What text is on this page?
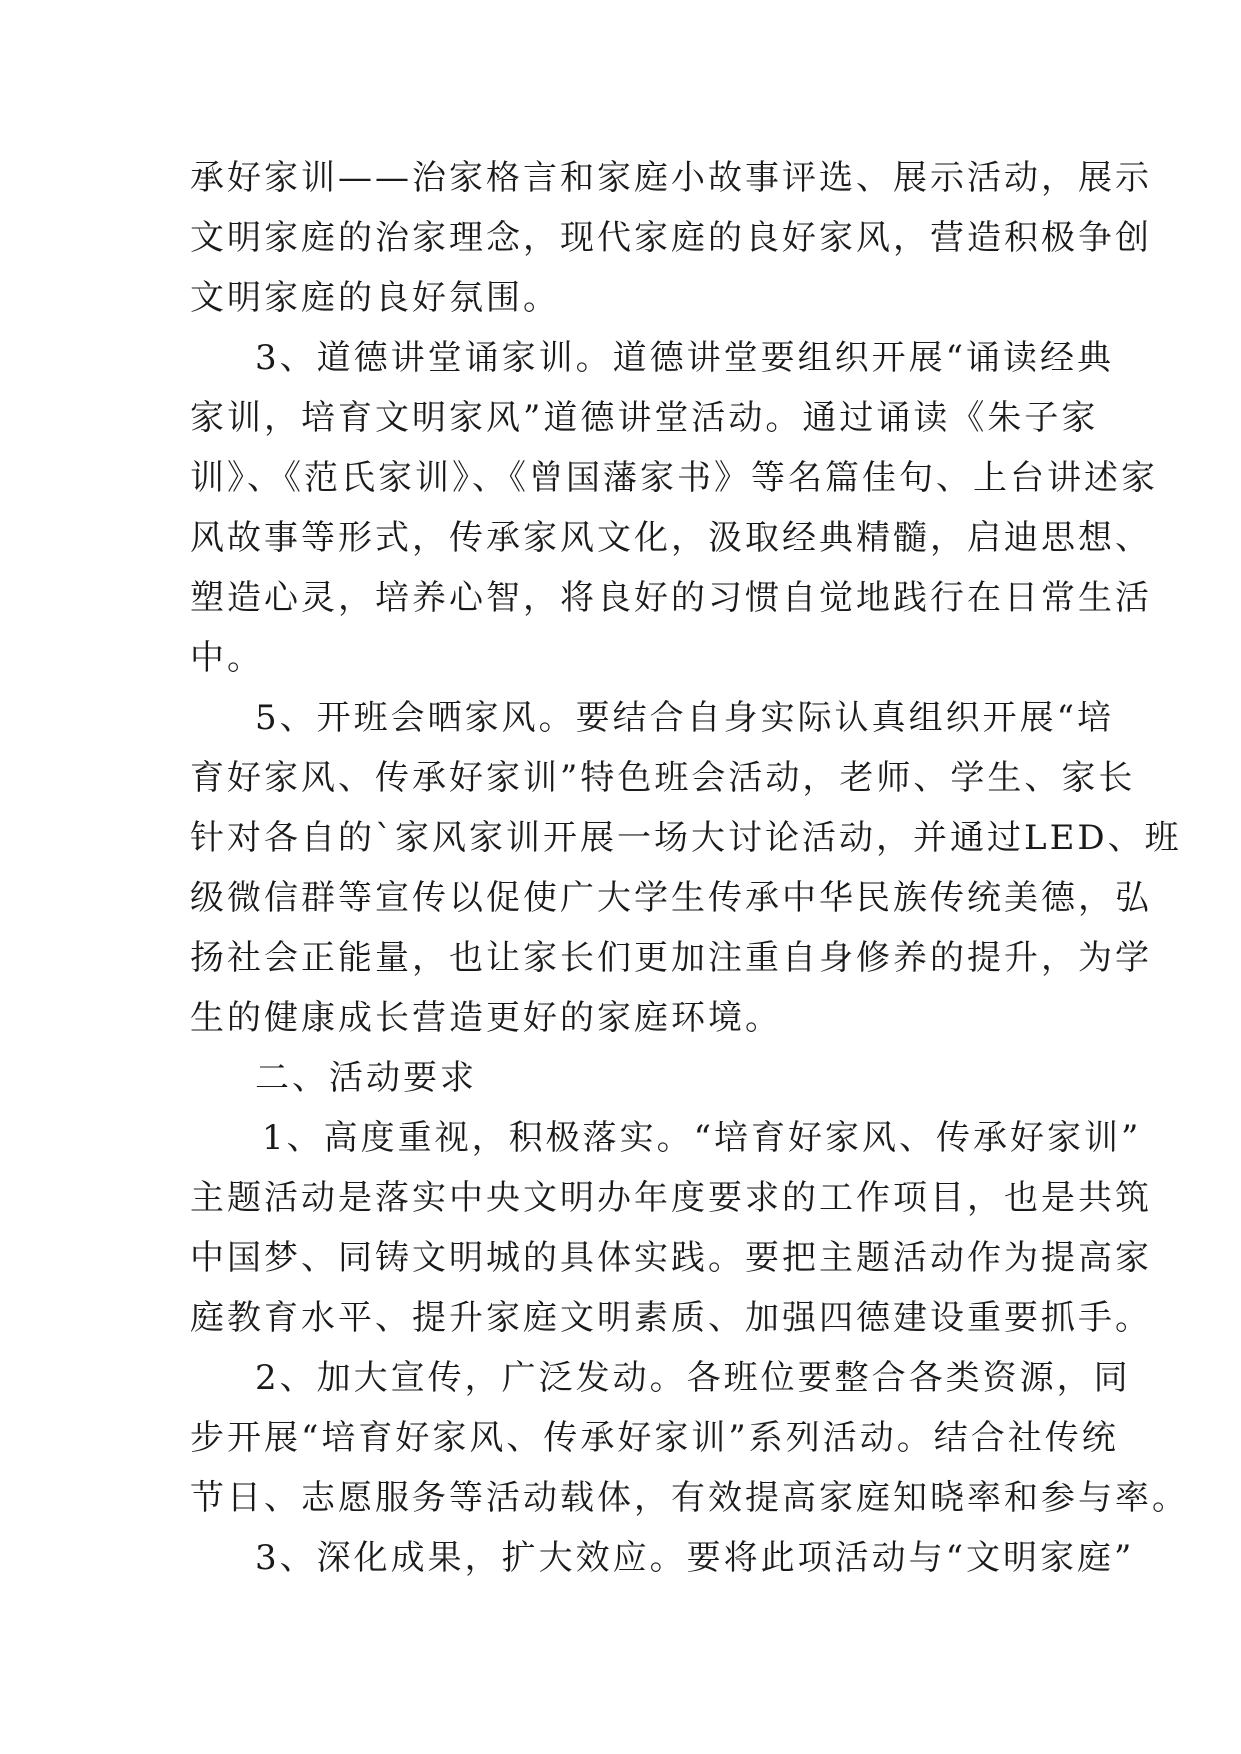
承好家训——治家格言和家庭小故事评选、展示活动，展示
文明家庭的治家理念，现代家庭的良好家风，营造积极争创
文明家庭的良好氛围。
3、道德讲堂诵家训。道德讲堂要组织开展“诵读经典
家训，培育文明家风”道德讲堂活动。通过诵读《朱子家
训》、《范氏家训》、《曾国藩家书》等名篇佳句、上台讲述家
风故事等形式，传承家风文化，汲取经典精髓，启迪思想、
塑造心灵，培养心智，将良好的习惯自觉地践行在日常生活
中。
5、开班会晒家风。要结合自身实际认真组织开展“培
育好家风、传承好家训”特色班会活动，老师、学生、家长
针对各自的`家风家训开展一场大讨论活动，并通过LED、班
级微信群等宣传以促使广大学生传承中华民族传统美德，弘
扬社会正能量，也让家长们更加注重自身修养的提升，为学
生的健康成长营造更好的家庭环境。
二、活动要求
1、高度重视，积极落实。“培育好家风、传承好家训”
主题活动是落实中央文明办年度要求的工作项目，也是共筑
中国梦、同铸文明城的具体实践。要把主题活动作为提高家
庭教育水平、提升家庭文明素质、加强四德建设重要抓手。
2、加大宣传，广泛发动。各班位要整合各类资源，同
步开展“培育好家风、传承好家训”系列活动。结合社传统
节日、志愿服务等活动载体，有效提高家庭知晓率和参与率。
3、深化成果，扩大效应。要将此项活动与“文明家庭”
